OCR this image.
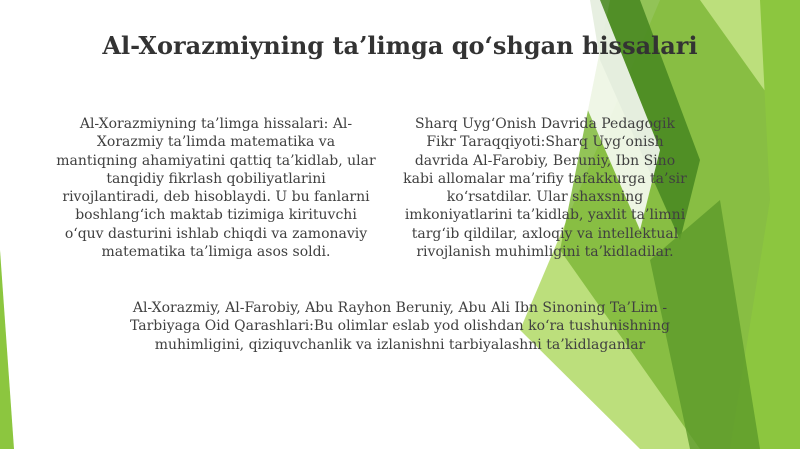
Al-Xorazmiyning ta’limga qo‘shgan hissalari

Al-Xorazmiyning ta’limga hissalari: Al-Xorazmiy ta’limda matematika va mantiqning ahamiyatini qattiq ta’kidlab, ular tanqidiy fikrlash qobiliyatlarini rivojlantiradi, deb hisoblaydi. U bu fanlarni boshlang‘ich maktab tizimiga kirituvchi o‘quv dasturini ishlab chiqdi va zamonaviy matematika ta’limiga asos soldi.

Sharq Uyg‘Onish Davrida Pedagogik Fikr Taraqqiyoti:Sharq Uyg‘onish davrida Al-Farobiy, Beruniy, Ibn Sino kabi allomalar ma’rifiy tafakkurga ta’sir ko‘rsatdilar. Ular shaxsning imkoniyatlarini ta’kidlab, yaxlit ta’limni targ‘ib qildilar, axloqiy va intellektual rivojlanish muhimligini ta’kidladilar.

Al-Xorazmiy, Al-Farobiy, Abu Rayhon Beruniy, Abu Ali Ibn Sinoning Ta’Lim - Tarbiyaga Oid Qarashlari:Bu olimlar eslab yod olishdan ko‘ra tushunishning muhimligini, qiziquvchanlik va izlanishni tarbiyalashni ta’kidlaganlar
